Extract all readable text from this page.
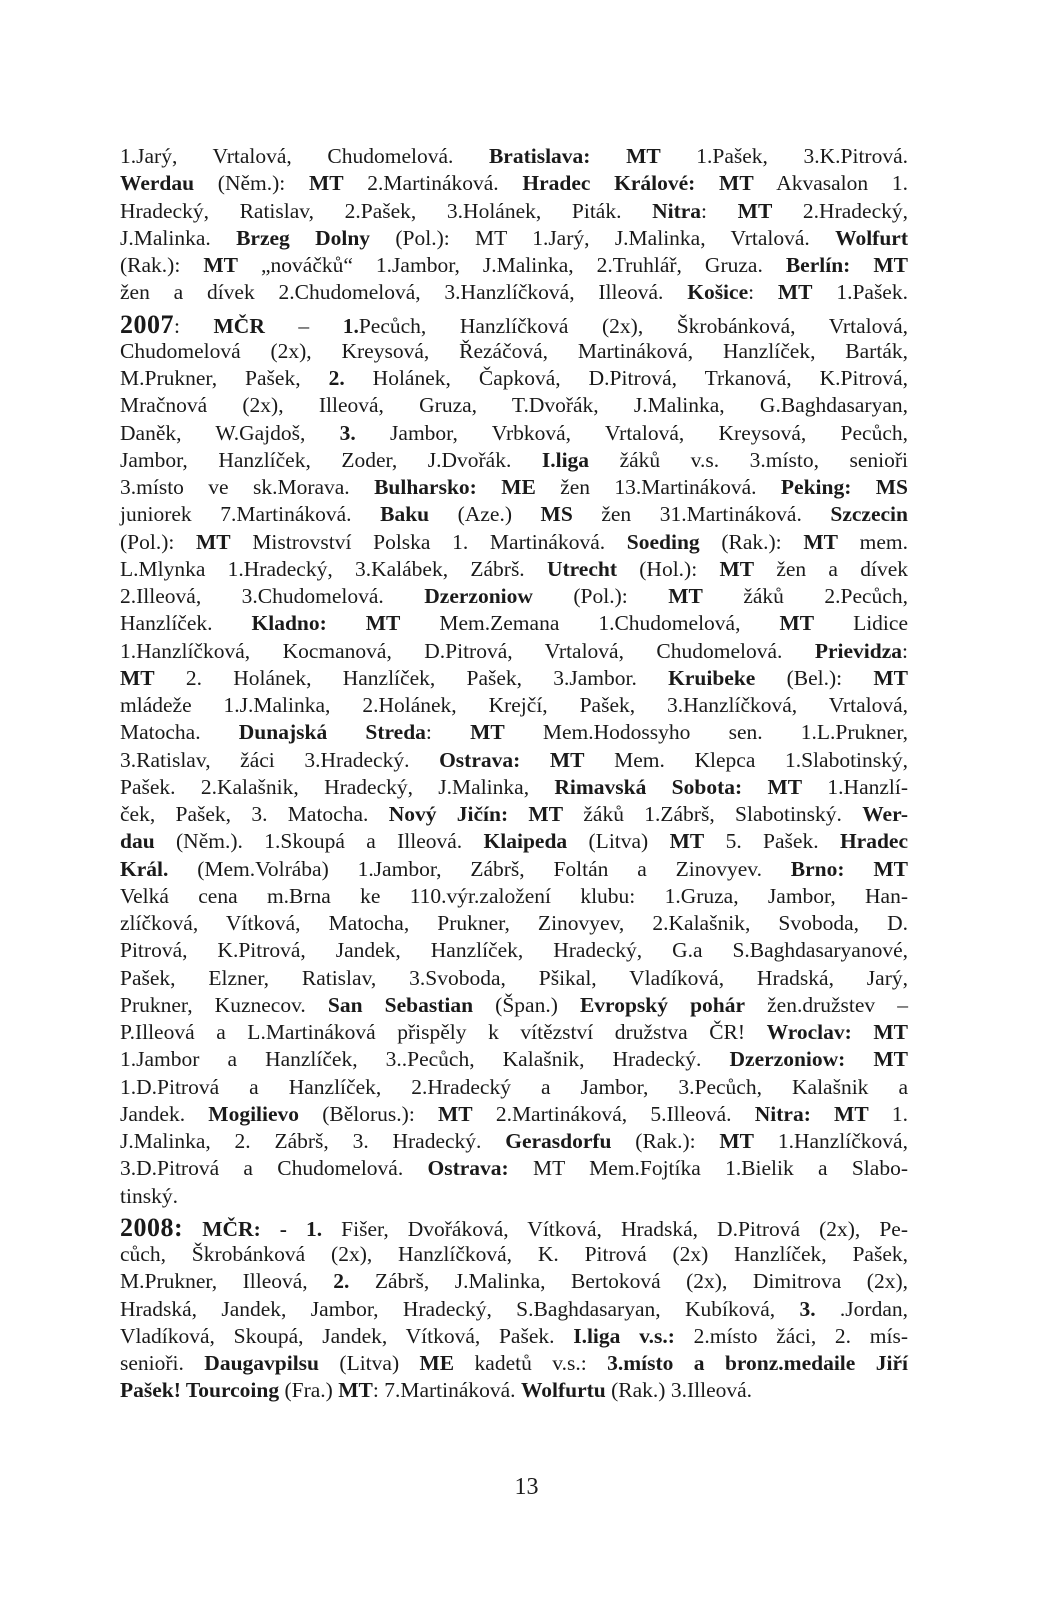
1.Jarý, Vrtalová, Chudomelová. Bratislava: MT 1.Pašek, 3.K.Pitrová.
Werdau (Něm.): MT 2.Martináková. Hradec Králové: MT Akvasalon 1.
Hradecký, Ratislav, 2.Pašek, 3.Holánek, Piták. Nitra: MT 2.Hradecký,
J.Malinka. Brzeg Dolny (Pol.): MT 1.Jarý, J.Malinka, Vrtalová. Wolfurt
(Rak.): MT „nováčků“ 1.Jambor, J.Malinka, 2.Truhlář, Gruza. Berlín: MT
žen a dívek 2.Chudomelová, 3.Hanzlíčková, Illeová. Košice: MT 1.Pašek.
2007: MČR – 1.Pecůch, Hanzlíčková (2x), Škrobánková, Vrtalová,
Chudomelová (2x), Kreysová, Řezáčová, Martináková, Hanzlíček, Barták,
M.Prukner, Pašek, 2. Holánek, Čapková, D.Pitrová, Trkanová, K.Pitrová,
Mračnová (2x), Illeová, Gruza, T.Dvořák, J.Malinka, G.Baghdasaryan,
Daněk, W.Gajdoš, 3. Jambor, Vrbková, Vrtalová, Kreysová, Pecůch,
Jambor, Hanzlíček, Zoder, J.Dvořák. I.liga žáků v.s. 3.místo, senioři
3.místo ve sk.Morava. Bulharsko: ME žen 13.Martináková. Peking: MS
juniorek 7.Martináková. Baku (Aze.) MS žen 31.Martináková. Szczecin
(Pol.): MT Mistrovství Polska 1. Martináková. Soeding (Rak.): MT mem.
L.Mlynka 1.Hradecký, 3.Kalábek, Zábrš. Utrecht (Hol.): MT žen a dívek
2.Illeová, 3.Chudomelová. Dzerzoniow (Pol.): MT žáků 2.Pecůch,
Hanzlíček. Kladno: MT Mem.Zemana 1.Chudomelová, MT Lidice
1.Hanzlíčková, Kocmanová, D.Pitrová, Vrtalová, Chudomelová. Prievidza:
MT 2. Holánek, Hanzlíček, Pašek, 3.Jambor. Kruibeke (Bel.): MT
mládeže 1.J.Malinka, 2.Holánek, Krejčí, Pašek, 3.Hanzlíčková, Vrtalová,
Matocha. Dunajská Streda: MT Mem.Hodossyho sen. 1.L.Prukner,
3.Ratislav, žáci 3.Hradecký. Ostrava: MT Mem. Klepca 1.Slabotinský,
Pašek. 2.Kalašnik, Hradecký, J.Malinka, Rimavská Sobota: MT 1.Hanzlí-
ček, Pašek, 3. Matocha. Nový Jičín: MT žáků 1.Zábrš, Slabotinský. Wer-
dau (Něm.). 1.Skoupá a Illeová. Klaipeda (Litva) MT 5. Pašek. Hradec
Král. (Mem.Volrába) 1.Jambor, Zábrš, Foltán a Zinovyev. Brno: MT
Velká cena m.Brna ke 110.výr.založení klubu: 1.Gruza, Jambor, Han-
zlíčková, Vítková, Matocha, Prukner, Zinovyev, 2.Kalašnik, Svoboda, D.
Pitrová, K.Pitrová, Jandek, Hanzlíček, Hradecký, G.a S.Baghdasaryanové,
Pašek, Elzner, Ratislav, 3.Svoboda, Pšikal, Vladíková, Hradská, Jarý,
Prukner, Kuznecov. San Sebastian (Špan.) Evropský pohár žen.družstev –
P.Illeová a L.Martináková přispěly k vítězství družstva ČR! Wroclav: MT
1.Jambor a Hanzlíček, 3..Pecůch, Kalašnik, Hradecký. Dzerzoniow: MT
1.D.Pitrová a Hanzlíček, 2.Hradecký a Jambor, 3.Pecůch, Kalašnik a
Jandek. Mogilievo (Bělorus.): MT 2.Martináková, 5.Illeová. Nitra: MT 1.
J.Malinka, 2. Zábrš, 3. Hradecký. Gerasdorfu (Rak.): MT 1.Hanzlíčková,
3.D.Pitrová a Chudomelová. Ostrava: MT Mem.Fojtíka 1.Bielik a Slabo-
tinský.
2008: MČR: - 1. Fišer, Dvořáková, Vítková, Hradská, D.Pitrová (2x), Pe-
cůch, Škrobánková (2x), Hanzlíčková, K. Pitrová (2x) Hanzlíček, Pašek,
M.Prukner, Illeová, 2. Zábrš, J.Malinka, Bertoková (2x), Dimitrova (2x),
Hradská, Jandek, Jambor, Hradecký, S.Baghdasaryan, Kubíková, 3. .Jordan,
Vladíková, Skoupá, Jandek, Vítková, Pašek. I.liga v.s.: 2.místo žáci, 2. mís-
senioři. Daugavpilsu (Litva) ME kadetů v.s.: 3.místo a bronz.medaile Jiří
Pašek! Tourcoing (Fra.) MT: 7.Martináková. Wolfurtu (Rak.) 3.Illeová.
13
